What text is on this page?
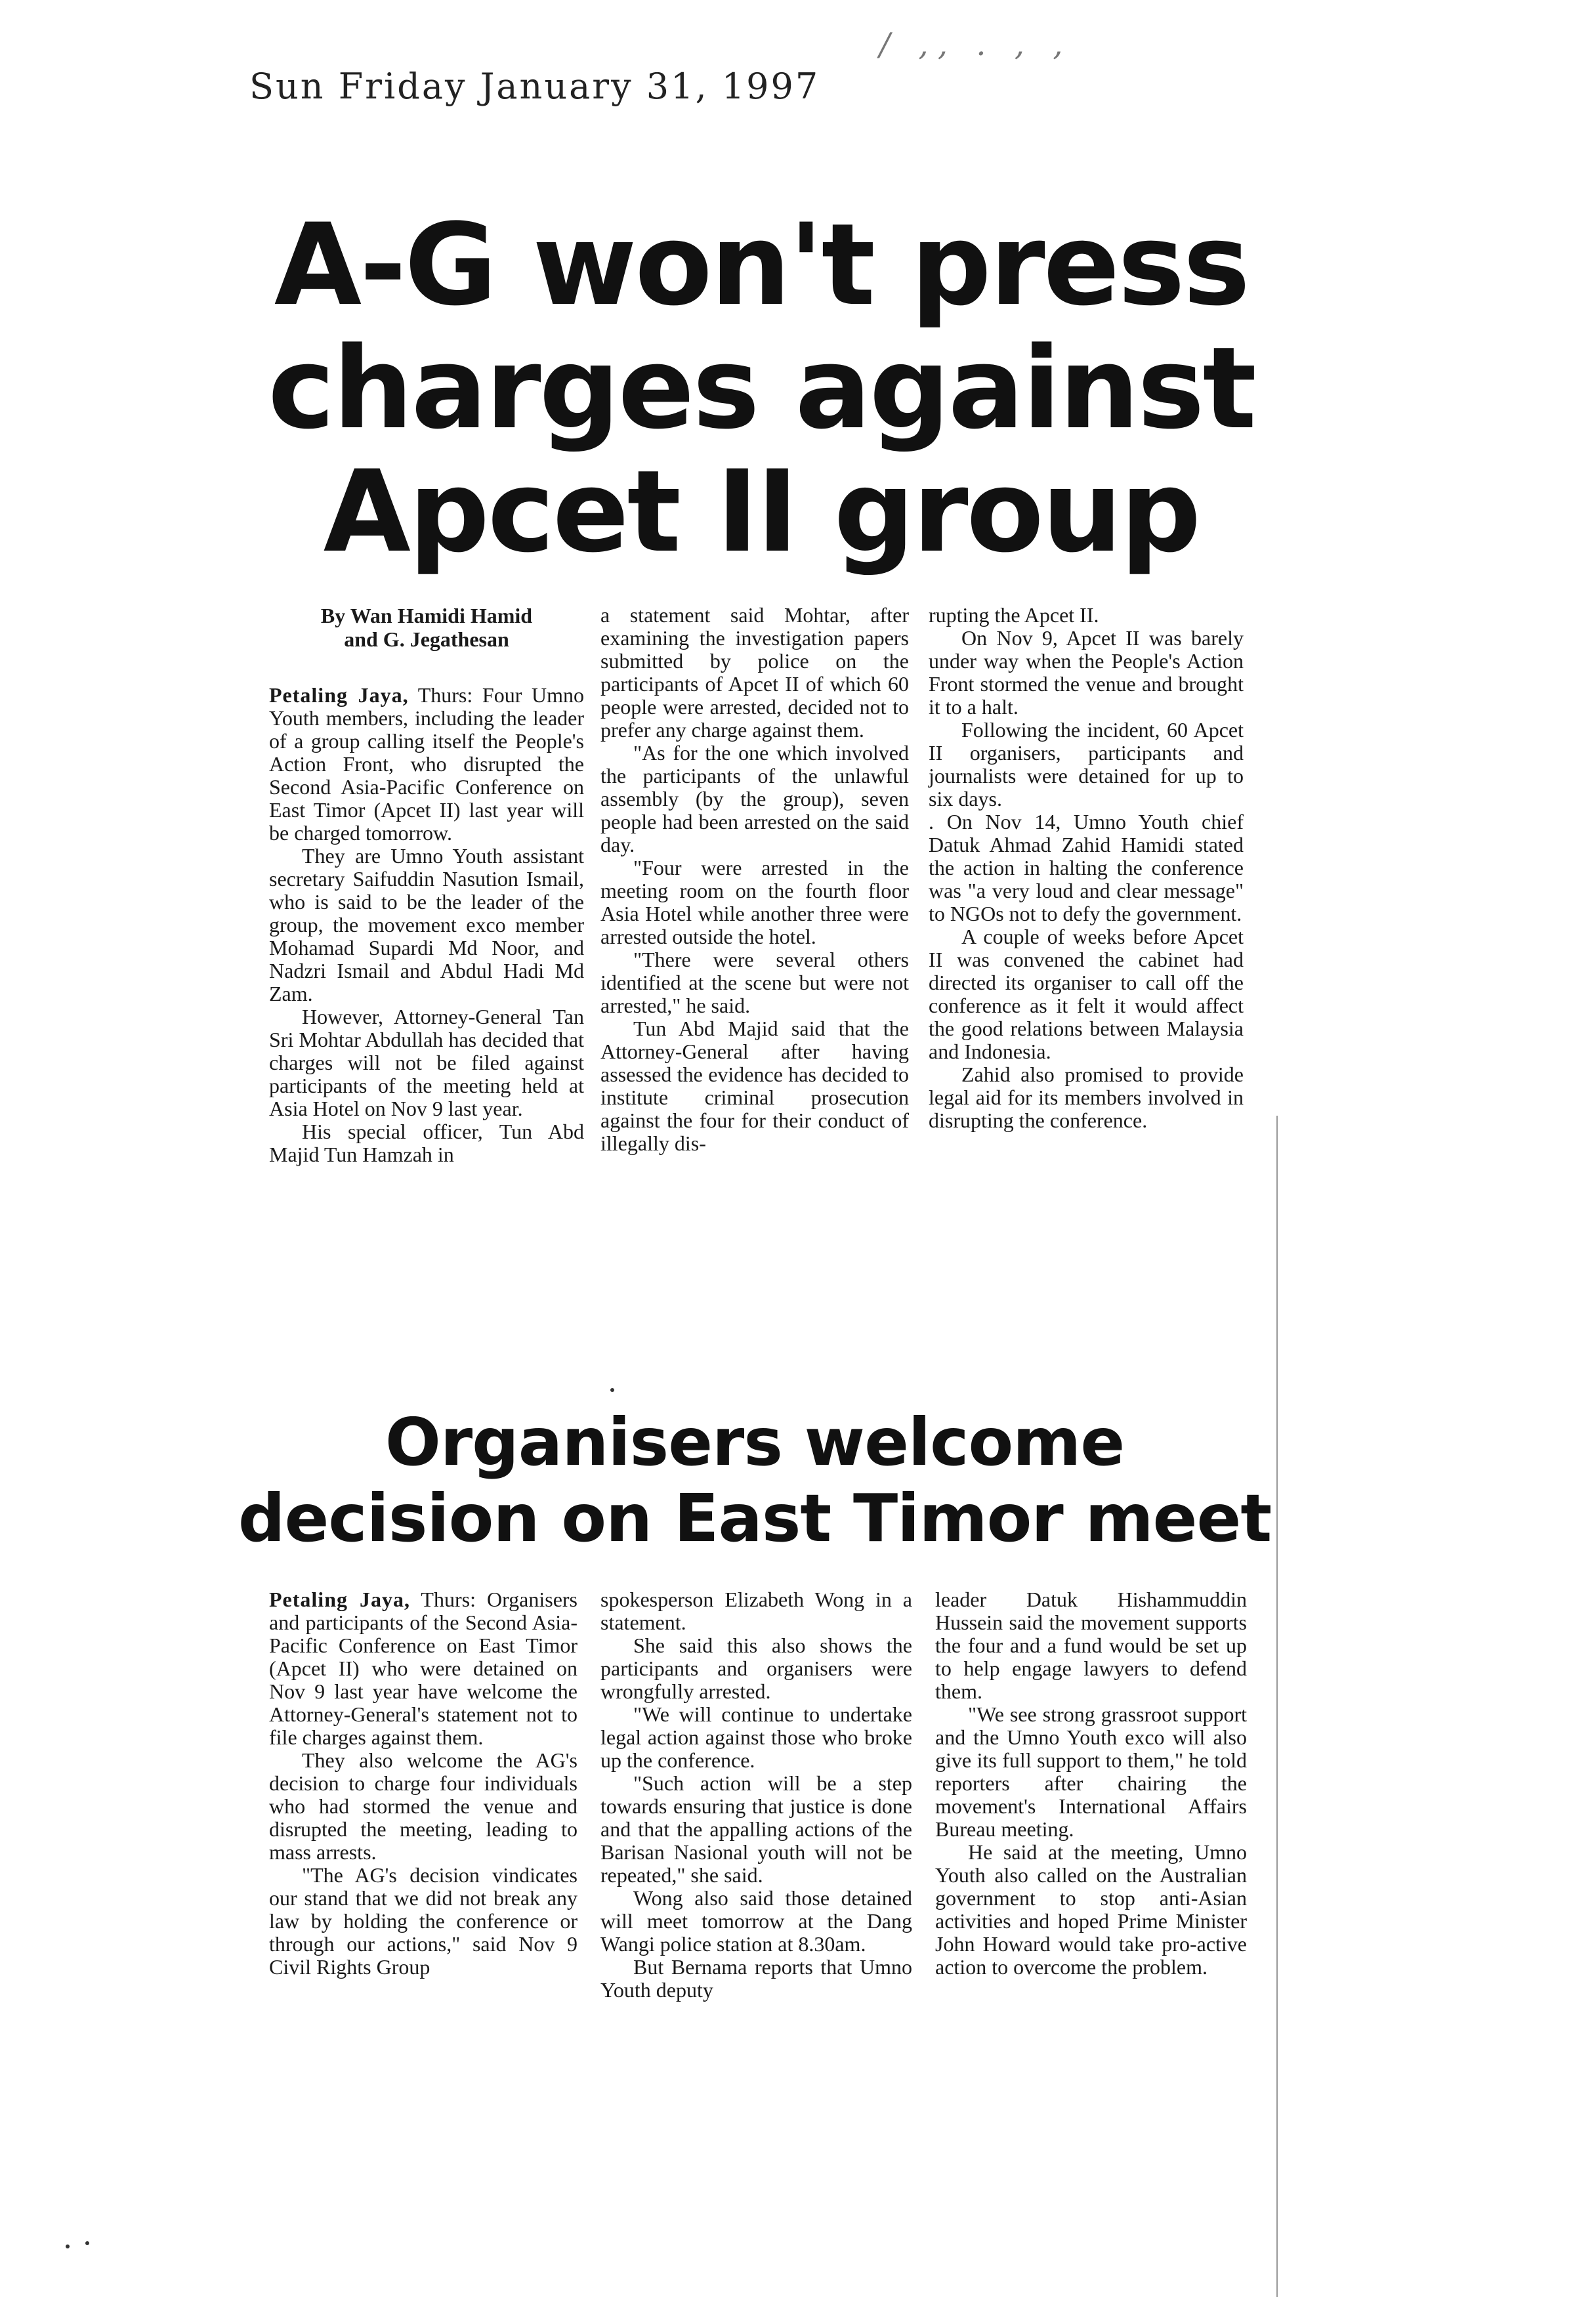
Sun Friday January 31, 1997
/ ,, . , ,
A-G won't press
charges against
Apcet II group
By Wan Hamidi Hamid
and G. Jegathesan

Petaling Jaya, Thurs: Four Umno Youth members, including the leader of a group calling itself the People's Action Front, who disrupted the Second Asia-Pacific Conference on East Timor (Apcet II) last year will be charged tomorrow.

They are Umno Youth assistant secretary Saifuddin Nasution Ismail, who is said to be the leader of the group, the movement exco member Mohamad Supardi Md Noor, and Nadzri Ismail and Abdul Hadi Md Zam.

However, Attorney-General Tan Sri Mohtar Abdullah has decided that charges will not be filed against participants of the meeting held at Asia Hotel on Nov 9 last year.

His special officer, Tun Abd Majid Tun Hamzah in

a statement said Mohtar, after examining the investigation papers submitted by police on the participants of Apcet II of which 60 people were arrested, decided not to prefer any charge against them.

"As for the one which involved the participants of the unlawful assembly (by the group), seven people had been arrested on the said day.

"Four were arrested in the meeting room on the fourth floor Asia Hotel while another three were arrested outside the hotel.

"There were several others identified at the scene but were not arrested," he said.

Tun Abd Majid said that the Attorney-General after having assessed the evidence has decided to institute criminal prosecution against the four for their conduct of illegally dis-

rupting the Apcet II.

On Nov 9, Apcet II was barely under way when the People's Action Front stormed the venue and brought it to a halt.

Following the incident, 60 Apcet II organisers, participants and journalists were detained for up to six days.

. On Nov 14, Umno Youth chief Datuk Ahmad Zahid Hamidi stated the action in halting the conference was "a very loud and clear message" to NGOs not to defy the government.

A couple of weeks before Apcet II was convened the cabinet had directed its organiser to call off the conference as it felt it would affect the good relations between Malaysia and Indonesia.

Zahid also promised to provide legal aid for its members involved in disrupting the conference.

Organisers welcome
decision on East Timor meet

Petaling Jaya, Thurs: Organisers and participants of the Second Asia-Pacific Conference on East Timor (Apcet II) who were detained on Nov 9 last year have welcome the Attorney-General's statement not to file charges against them.

They also welcome the AG's decision to charge four individuals who had stormed the venue and disrupted the meeting, leading to mass arrests.

"The AG's decision vindicates our stand that we did not break any law by holding the conference or through our actions," said Nov 9 Civil Rights Group

spokesperson Elizabeth Wong in a statement.

She said this also shows the participants and organisers were wrongfully arrested.

"We will continue to undertake legal action against those who broke up the conference.

"Such action will be a step towards ensuring that justice is done and that the appalling actions of the Barisan Nasional youth will not be repeated," she said.

Wong also said those detained will meet tomorrow at the Dang Wangi police station at 8.30am.

But Bernama reports that Umno Youth deputy

leader Datuk Hishammuddin Hussein said the movement supports the four and a fund would be set up to help engage lawyers to defend them.

"We see strong grassroot support and the Umno Youth exco will also give its full support to them," he told reporters after chairing the movement's International Affairs Bureau meeting.

He said at the meeting, Umno Youth also called on the Australian government to stop anti-Asian activities and hoped Prime Minister John Howard would take pro-active action to overcome the problem.
